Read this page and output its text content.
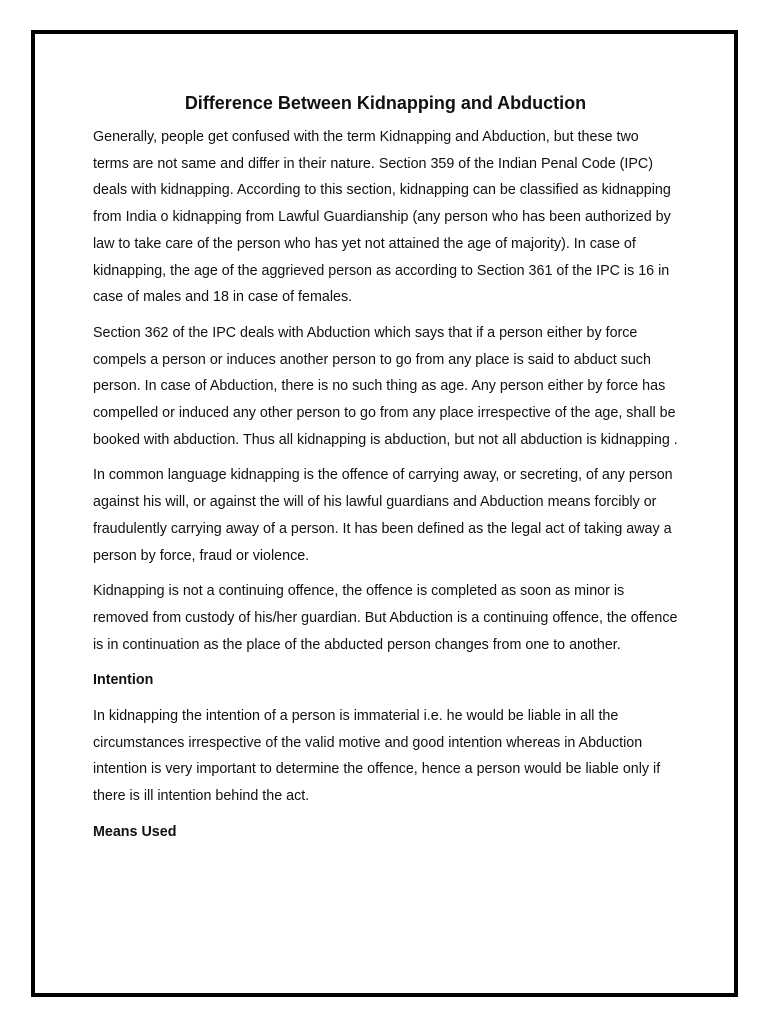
Difference Between Kidnapping and Abduction

Generally, people get confused with the term Kidnapping and Abduction, but these two terms are not same and differ in their nature. Section 359 of the Indian Penal Code (IPC) deals with kidnapping. According to this section, kidnapping can be classified as kidnapping from India o kidnapping from Lawful Guardianship (any person who has been authorized by law to take care of the person who has yet not attained the age of majority). In case of kidnapping, the age of the aggrieved person as according to Section 361 of the IPC is 16 in case of males and 18 in case of females.

Section 362 of the IPC deals with Abduction which says that if a person either by force compels a person or induces another person to go from any place is said to abduct such person. In case of Abduction, there is no such thing as age. Any person either by force has compelled or induced any other person to go from any place irrespective of the age, shall be booked with abduction. Thus all kidnapping is abduction, but not all abduction is kidnapping .

In common language kidnapping is the offence of carrying away, or secreting, of any person against his will, or against the will of his lawful guardians and Abduction means forcibly or fraudulently carrying away of a person. It has been defined as the legal act of taking away a person by force, fraud or violence.

Kidnapping is not a continuing offence, the offence is completed as soon as minor is removed from custody of his/her guardian. But Abduction is a continuing offence, the offence is in continuation as the place of the abducted person changes from one to another.

Intention

In kidnapping the intention of a person is immaterial i.e. he would be liable in all the circumstances irrespective of the valid motive and good intention whereas in Abduction intention is very important to determine the offence, hence a person would be liable only if there is ill intention behind the act.

Means Used
